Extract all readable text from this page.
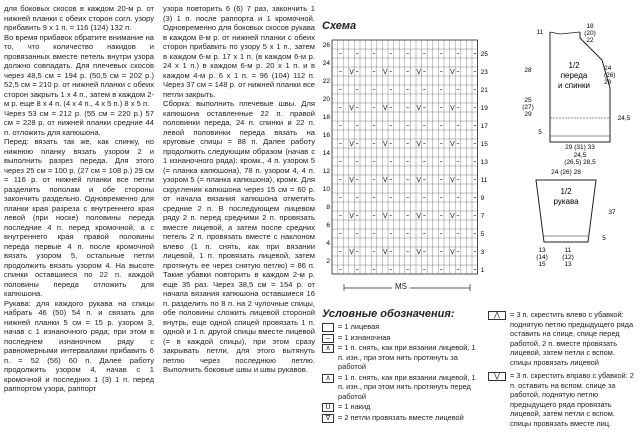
для боковых скосов в каждом 20-м р. от нижней планки с обеих сторон согл. узору прибавить 9 х 1 п. = 116 (124) 132 п.

Во время прибавок обратите внимание на то, что количество накидов и провязанных вместе петель внутри узора должно совпадать. Для плечевых скосов через 48,5 см = 194 р. (50,5 см = 202 р.) 52,5 см = 210 р. от нижней планки с обеих сторон закрыть 1 х 4 п., затем в каждом 2-м р. еще 8 х 4 п. (4 х 4 п., 4 х 5 п.) 8 х 5 п.

Через 53 см = 212 р. (55 см = 220 р.) 57 см = 228 р. от нижней планки средние 44 п. отложить для капюшона.

Перед: вязать так же, как спинку, но нижнюю планку вязать узором 2 и выполнить разрез переда. Для этого через 25 см = 100 р. (27 см = 108 р.) 29 см = 116 р. от нижней планки все петли разделить пополам и обе стороны закончить раздельно. Одновременно для планки края разреза с внутреннего края левой (при носке) половины переда последние 4 п. перед кромочной, а с внутреннего края правой половины переда первые 4 п. после кромочной вязать узором 5, остальные петли продолжить вязать узором 4. На высоте спинки оставшиеся по 22 п. каждой половины переда отложить для капюшона.

Рукава: для каждого рукава на спицы набрать 46 (50) 54 п. и связать для нижней планки 5 см = 15 р. узором 3, начав с 1 изнаночного ряда; при этом в последнем изнаночном ряду с равномерными интервалами прибавить 6 п. = 52 (56) 60 п. Далее работу продолжить узором 4, начав с 1 кромочной и последних 1 (3) 1 п. перед раппортом узора, раппорт

узора повторить 6 (6) 7 раз, закончить 1 (3) 1 п. после раппорта и 1 кромочной. Одновременно для боковых скосов рукава в каждом 8-м р. от нижней планки с обеих сторон прибавить по узору 5 х 1 п., затем в каждом 6-м р. 17 х 1 п. (в каждом 6-м р. 24 х 1 п.) в каждом 6-м р. 20 х 1 п. и в каждом 4-м р. 6 х 1 п. = 96 (104) 112 п. Через 37 см = 148 р. от нижней планки все петли закрыть.

Сборка: выполнить плечевые швы. Для капюшона оставленные 22 п. правой половинки переда, 24 п. спинки и 22 п. левой половинки переда вязать на круговые спицы = 88 п. Далее работу продолжить следующим образом (начав с 1 изнаночного ряда): кромк., 4 п. узором 5 (= планка капюшона), 78 п. узором 4, 4 п. узором 5 (= планка капюшона), кромк. Для скругления капюшона через 15 см = 60 р. от начала вязания капюшона отметить средние 2 п. В последующем лицевом ряду 2 п. перед средними 2 п. провязать вместе лицевой, а затем после средних петель 2 п. провязать вместе с наклоном влево (1 п. снять, как при вязании лицевой, 1 п. провязать лицевой, затем протянуть ее через снятую петлю) = 86 п. Такие убавки повторить в каждом 2-м р. еще 35 раз. Через 38,5 см = 154 р. от начала вязания капюшона оставшиеся 16 п. разделить по 8 п. на 2 чулочные спицы, обе половины сложить лицевой стороной внутрь, еще одной спицей провязать 1 п. одной и 1 п. другой спицы вместе лицевой (= в каждой спицы), при этом сразу закрывать петли, для этого вытянуть петлю через последнюю петлю. Выполнить боковые швы и швы рукавов.

Схема
26
24
22
20
18
16
14
12
10
8
6
4
2
25
23
21
19
17
15
13
11
9
7
5
3
1
MS
Условные обозначения:
= 1 лицевая
–	= 1 изнаночная
∧	= 1 п. снять, как при вязании лицевой, 1 п. изн., при этом нить протянуть за работой
∧	= 1 п. снять, как при вязании лицевой, 1 п. изн., при этом нить протянуть перед работой
U	= 1 накид
∇	= 2 петли провязать вместе лицевой
⋀	= 3 п. скрестить влево с убавкой: поднятую петлю предыдущего ряда оставить на спице, спице перед работой, 2 п. вместе провязать лицевой, затем петли с вспом. спицы провязать лицевой
⋁	= 3 п. скрестить вправо с убавкой: 2 п. оставить на вспом. спице за работой, поднятую петлю предыдущего ряда провязать лицевой, затем петли с вспом. спицы провязать вместе лиц.
1/2
переда
и спинки
11
18
(20)
22
28	24
(26)
28
25
(27)
29
24,5
5
29 (31) 33
24,5
(26,5) 28,5
1/2
рукава
24 (26) 28
37
5
13
(14)
15
11
(12)
13
